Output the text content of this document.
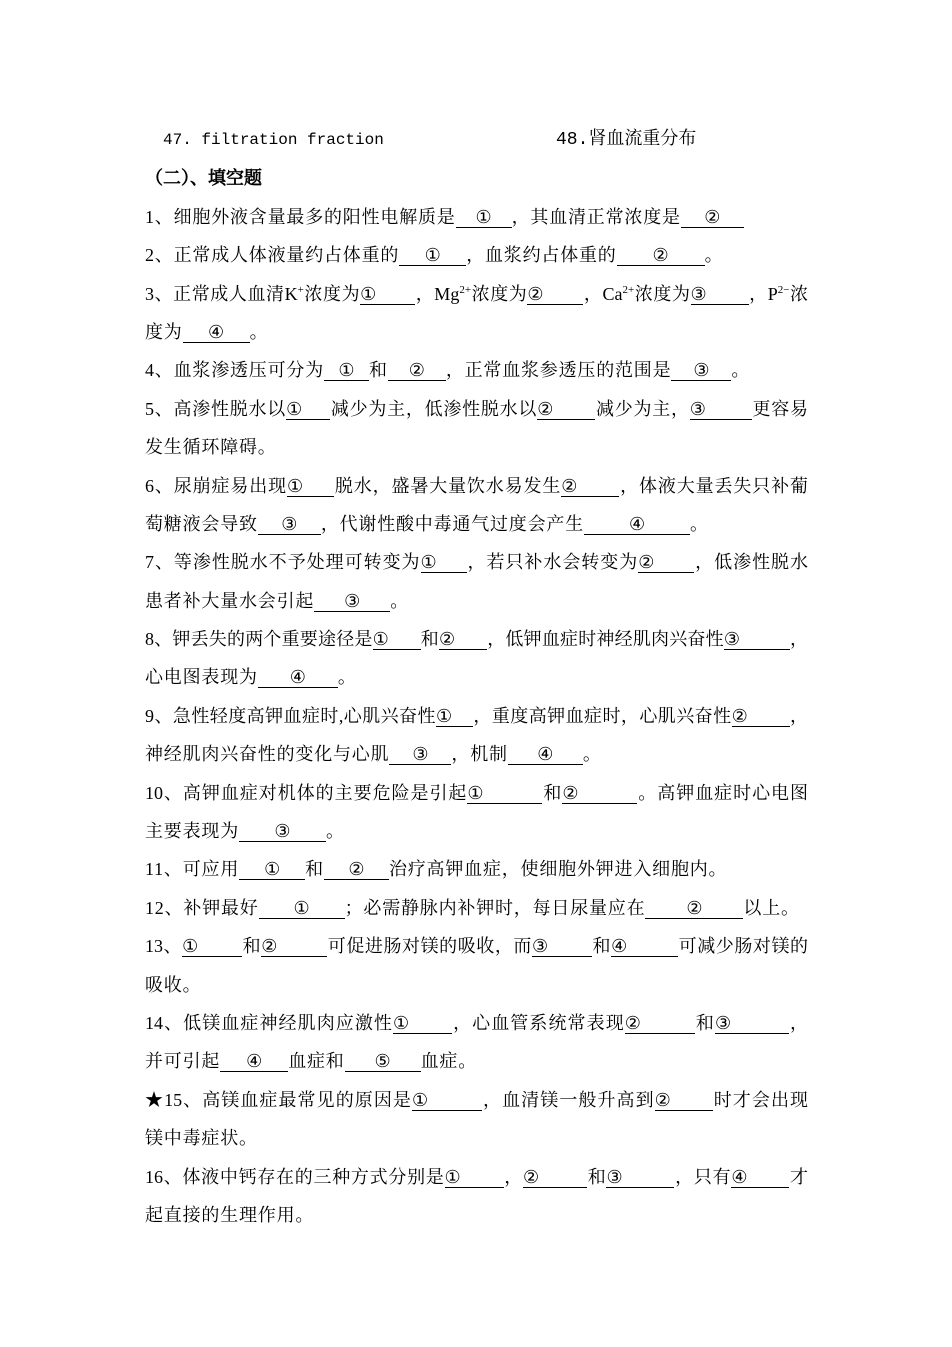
47. filtration fraction	48.肾血流重分布
（二）、填空题
1、细胞外液含量最多的阳性电解质是 ① ，其血清正常浓度是 ②
2、正常成人体液量约占体重的 ① ，血浆约占体重的 ② 。
3、正常成人血清K+浓度为① ，$Mg^{2+}$浓度为② ，$Ca^{2+}$浓度为③ ，$P^{2-}$浓
度为 ④ 。
4、血浆渗透压可分为 ① 和 ② ，正常血浆参透压的范围是 ③ 。
5、高渗性脱水以① 减少为主，低渗性脱水以② 减少为主，③	更容易
发生循环障碍。
6、尿崩症易出现① 脱水，盛暑大量饮水易发生② ，体液大量丢失只补葡
萄糖液会导致 ③ ，代谢性酸中毒通气过度会产生 ④ 。
7、等渗性脱水不予处理可转变为① ，若只补水会转变为② ，低渗性脱水
患者补大量水会引起 ③ 。
8、钾丢失的两个重要途径是① 和② ，低钾血症时神经肌肉兴奋性③	，
心电图表现为 ④ 。
9、急性轻度高钾血症时,心肌兴奋性① ，重度高钾血症时，心肌兴奋性② ，
神经肌肉兴奋性的变化与心肌 ③ ，机制 ④ 。
10、高钾血症对机体的主要危险是引起①	和②	。高钾血症时心电图
主要表现为 ③ 。
11、可应用 ① 和 ② 治疗高钾血症，使细胞外钾进入细胞内。
12、补钾最好 ① ；必需静脉内补钾时，每日尿量应在 ② 以上。
13、① 和②	可促进肠对镁的吸收，而③ 和④	可减少肠对镁的
吸收。
14、低镁血症神经肌肉应激性① ，心血管系统常表现②	和③	，
并可引起 ④ 血症和 ⑤ 血症。
★15、高镁血症最常见的原因是①	，血清镁一般升高到② 时才会出现
镁中毒症状。
16、体液中钙存在的三种方式分别是① ，②	和③	，只有④ 才
起直接的生理作用。
